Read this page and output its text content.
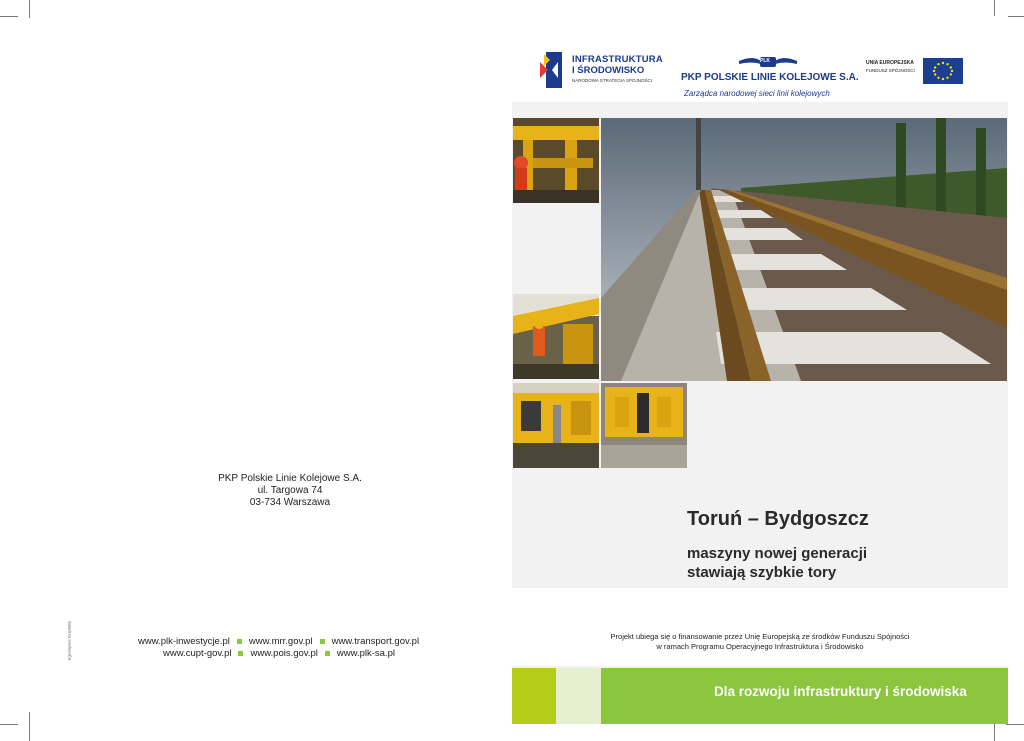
PKP Polskie Linie Kolejowe S.A.
ul. Targowa 74
03-734 Warszawa
Egzemplarz bezpłatny	www.plk-inwestycje.pl www.mrr.gov.pl www.transport.gov.pl
www.cupt-gov.pl www.pois.gov.pl www.plk-sa.pl
INFRASTRUKTURA
I ŚRODOWISKO
NARODOWA STRATEGIA SPÓJNOŚCI
PLK
PKP POLSKIE LINIE KOLEJOWE S.A.
Zarządca narodowej sieci linii kolejowych
UNIA EUROPEJSKA
FUNDUSZ SPÓJNOŚCI
Toruń – Bydgoszcz
maszyny nowej generacji
stawiają szybkie tory
Projekt ubiega się o finansowanie przez Unię Europejską ze środków Funduszu Spójności
w ramach Programu Operacyjnego Infrastruktura i Środowisko
Dla rozwoju infrastruktury i środowiska
